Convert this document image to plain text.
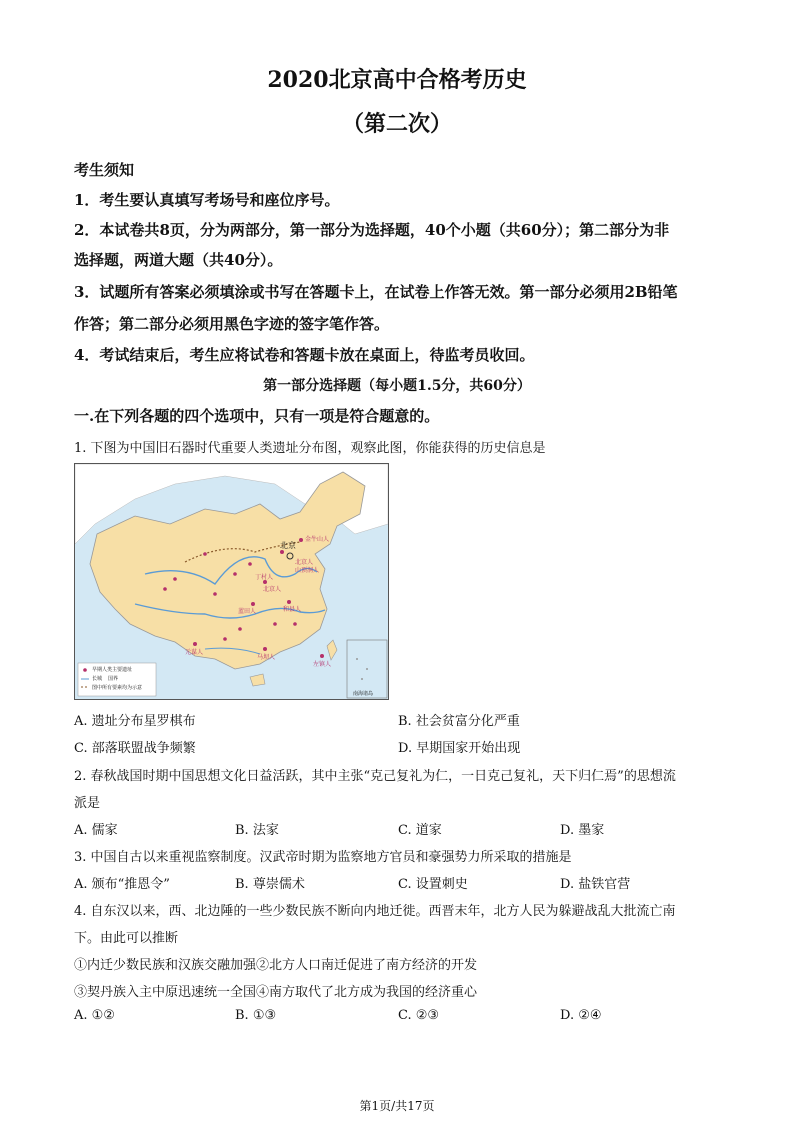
2020北京高中合格考历史
（第二次）
考生须知
1．考生要认真填写考场号和座位序号。
2．本试卷共8页，分为两部分，第一部分为选择题，40个小题（共60分）；第二部分为非
选择题，两道大题（共40分）。
3．试题所有答案必须填涂或书写在答题卡上，在试卷上作答无效。第一部分必须用2B铅笔
作答；第二部分必须用黑色字迹的签字笔作答。
4．考试结束后，考生应将试卷和答题卡放在桌面上，待监考员收回。
第一部分选择题（每小题1.5分，共60分）
一.在下列各题的四个选项中，只有一项是符合题意的。
1. 下图为中国旧石器时代重要人类遗址分布图，观察此图，你能获得的历史信息是
北京
金牛山人
北京人
山顶洞人
丁村人
蓝田人
北京人
和县人
元谋人
马坝人
左镇人
早期人类主要遗址
长城 国界
图中所有要素均为示意
南海诸岛
A. 遗址分布星罗棋布	B. 社会贫富分化严重
C. 部落联盟战争频繁	D. 早期国家开始出现
2. 春秋战国时期中国思想文化日益活跃，其中主张“克己复礼为仁，一日克己复礼，天下归仁焉”的思想流
派是
A. 儒家	B. 法家	C. 道家	D. 墨家
3. 中国自古以来重视监察制度。汉武帝时期为监察地方官员和豪强势力所采取的措施是
A. 颁布“推恩令”	B. 尊崇儒术	C. 设置刺史	D. 盐铁官营
4. 自东汉以来，西、北边陲的一些少数民族不断向内地迁徙。西晋末年，北方人民为躲避战乱大批流亡南
下。由此可以推断
①内迁少数民族和汉族交融加强②北方人口南迁促进了南方经济的开发
③契丹族入主中原迅速统一全国④南方取代了北方成为我国的经济重心
A. ①②	B. ①③	C. ②③	D. ②④
第1页/共17页
